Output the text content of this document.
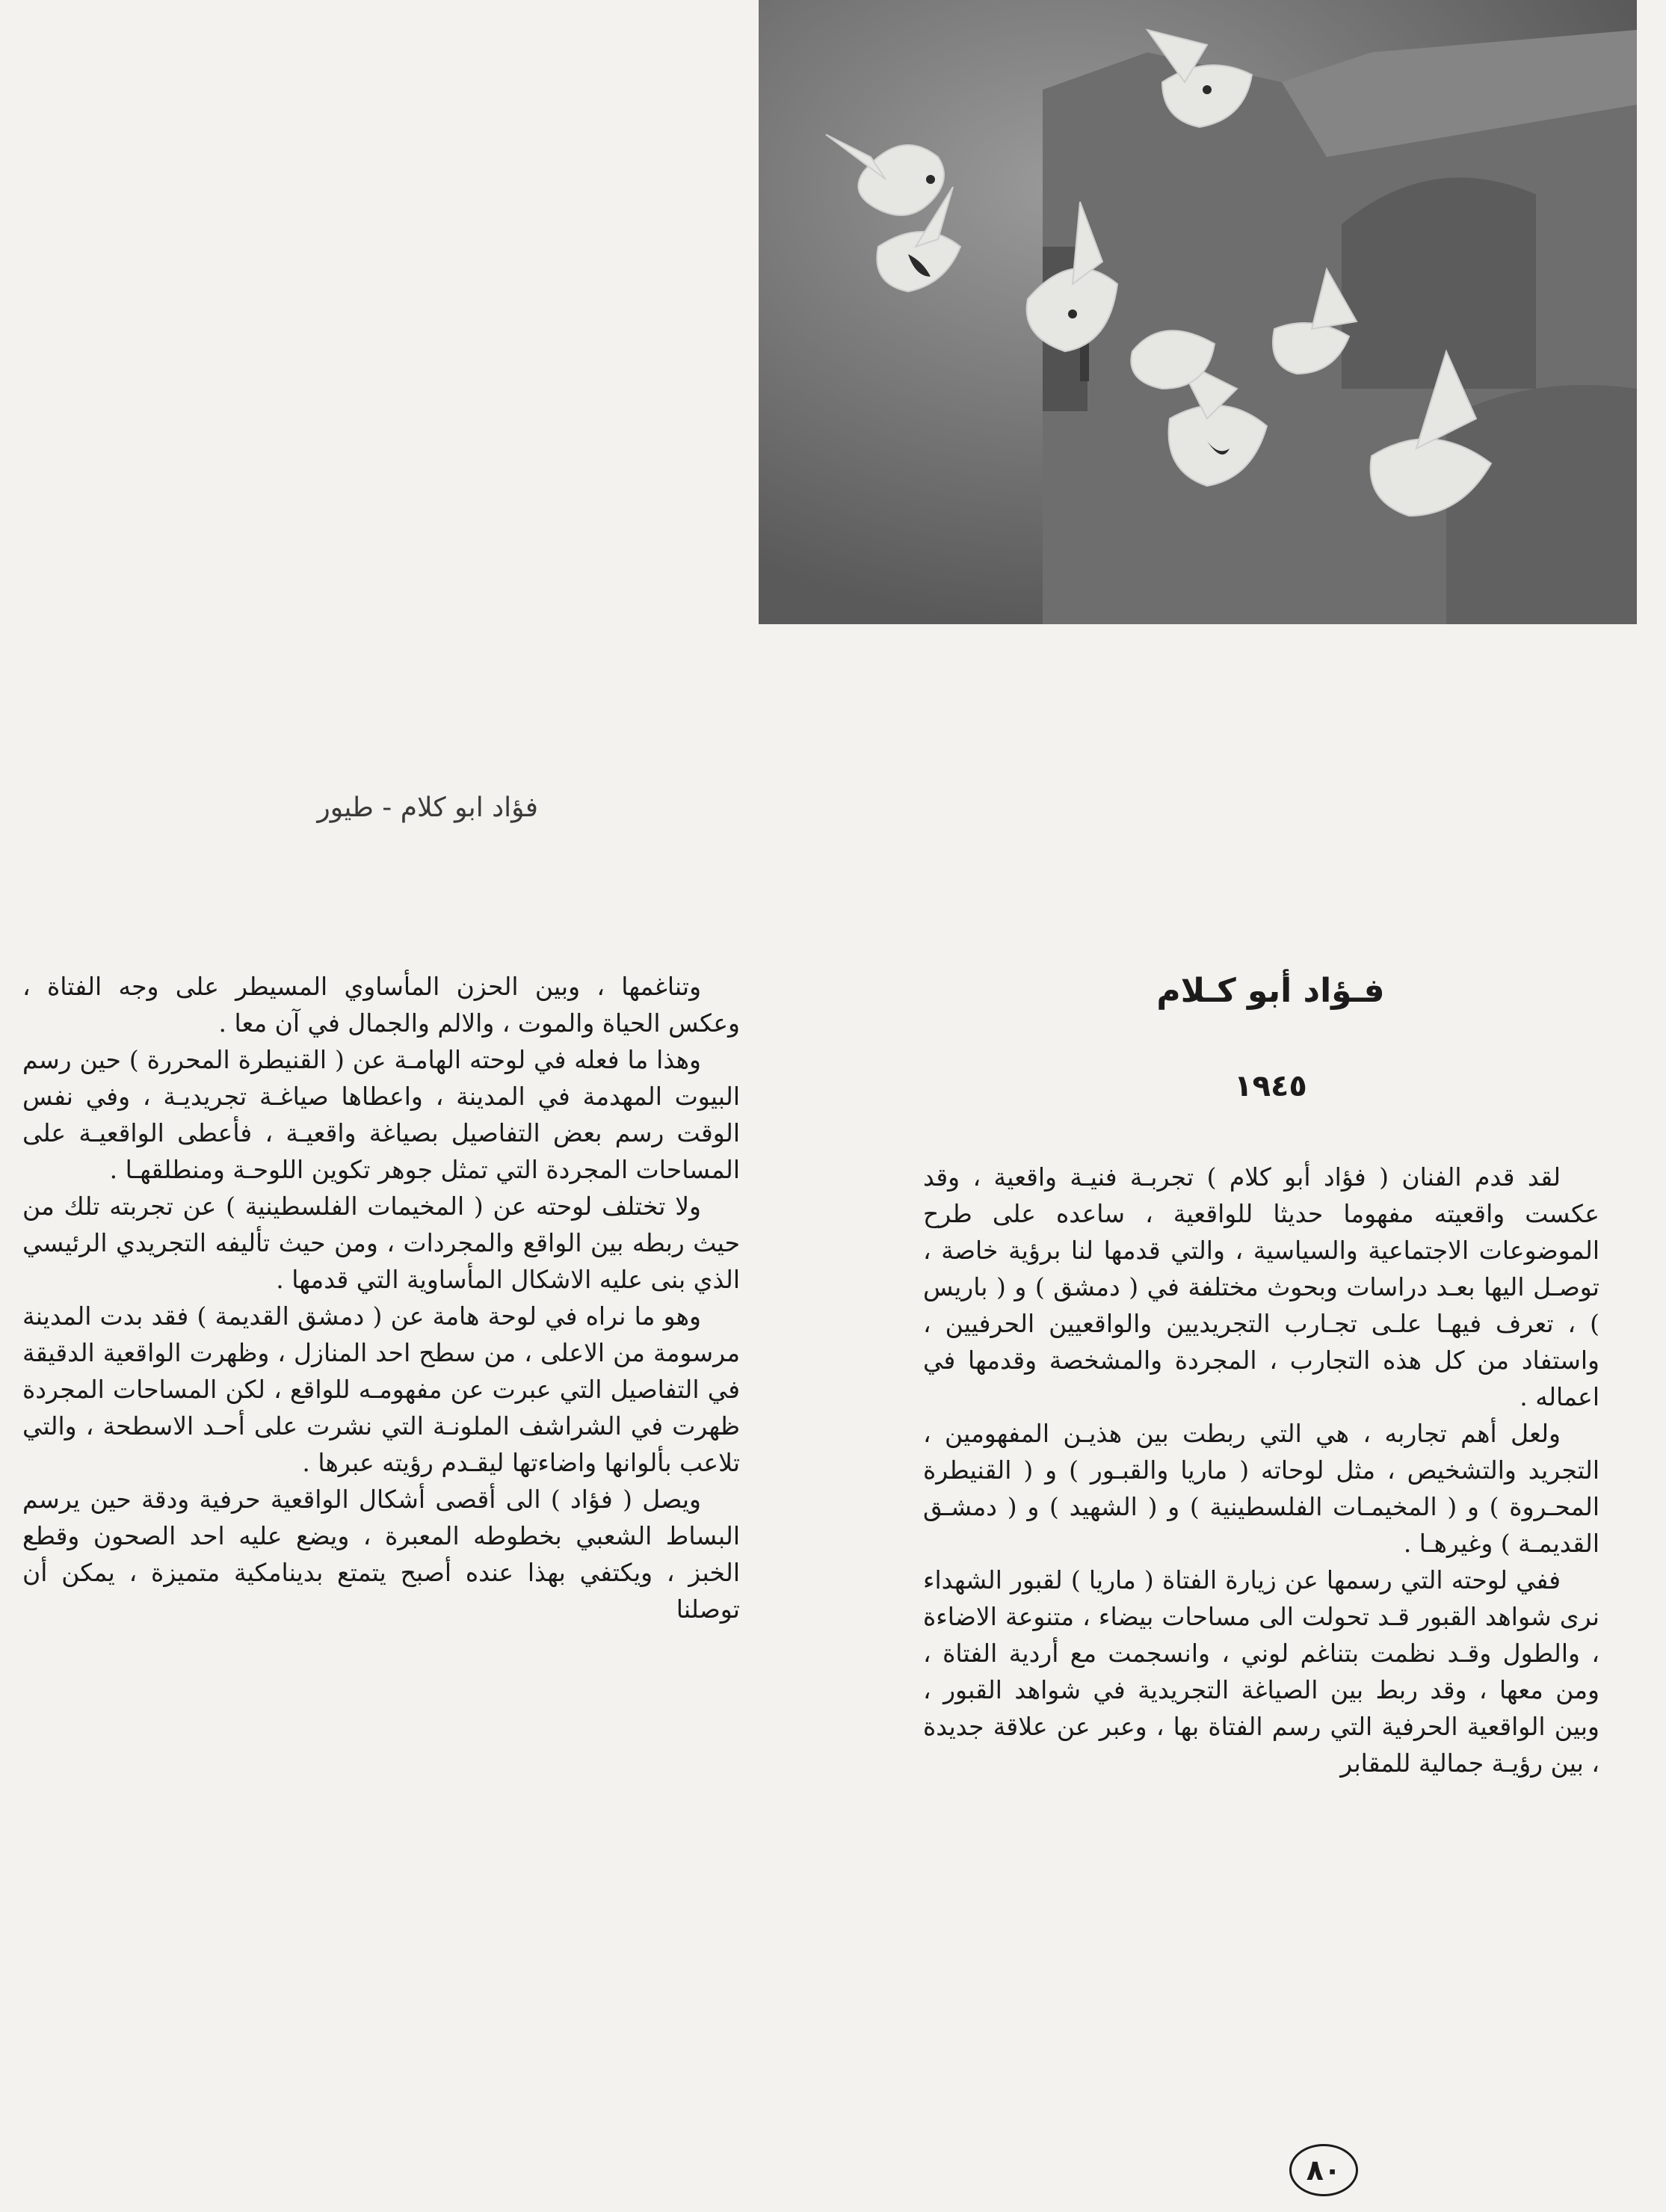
فؤاد ابو كلام - طيور
فـؤاد أبو كـلام
١٩٤٥

لقد قدم الفنان ( فؤاد أبو كلام ) تجربـة فنيـة واقعية ، وقد عكست واقعيته مفهوما حديثا للواقعية ، ساعده على طرح الموضوعات الاجتماعية والسياسية ، والتي قدمها لنا برؤية خاصة ، توصـل اليها بعـد دراسات وبحوث مختلفة في ( دمشق ) و ( باريس ) ، تعرف فيهـا علـى تجـارب التجريديين والواقعيين الحرفيين ، واستفاد من كل هذه التجارب ، المجردة والمشخصة وقدمها في اعماله .

ولعل أهم تجاربه ، هي التي ربطت بين هذيـن المفهومين ، التجريد والتشخيص ، مثل لوحاته ( ماريا والقبـور ) و ( القنيطرة المحـروة ) و ( المخيمـات الفلسطينية ) و ( الشهيد ) و ( دمشـق القديمـة ) وغيرهـا .

ففي لوحته التي رسمها عن زيارة الفتاة ( ماريا ) لقبور الشهداء نرى شواهد القبور قـد تحولت الى مساحات بيضاء ، متنوعة الاضاءة ، والطول وقـد نظمت بتناغم لوني ، وانسجمت مع أردية الفتاة ، ومن معها ، وقد ربط بين الصياغة التجريدية في شواهد القبور ، وبين الواقعية الحرفية التي رسم الفتاة بها ، وعبر عن علاقة جديدة ، بين رؤيـة جمالية للمقابر

وتناغمها ، وبين الحزن المأساوي المسيطر على وجه الفتاة ، وعكس الحياة والموت ، والالم والجمال في آن معا .

وهذا ما فعله في لوحته الهامـة عن ( القنيطرة المحررة ) حين رسم البيوت المهدمة في المدينة ، واعطاها صياغـة تجريديـة ، وفي نفس الوقت رسم بعض التفاصيل بصياغة واقعيـة ، فأعطى الواقعيـة على المساحات المجردة التي تمثل جوهر تكوين اللوحـة ومنطلقهـا .

ولا تختلف لوحته عن ( المخيمات الفلسطينية ) عن تجربته تلك من حيث ربطه بين الواقع والمجردات ، ومن حيث تأليفه التجريدي الرئيسي الذي بنى عليه الاشكال المأساوية التي قدمها .

وهو ما نراه في لوحة هامة عن ( دمشق القديمة ) فقد بدت المدينة مرسومة من الاعلى ، من سطح احد المنازل ، وظهرت الواقعية الدقيقة في التفاصيل التي عبرت عن مفهومـه للواقع ، لكن المساحات المجردة ظهرت في الشراشف الملونـة التي نشرت على أحـد الاسطحة ، والتي تلاعب بألوانها واضاءتها ليقـدم رؤيته عبرها .

ويصل ( فؤاد ) الى أقصى أشكال الواقعية حرفية ودقة حين يرسم البساط الشعبي بخطوطه المعبرة ، ويضع عليه احد الصحون وقطع الخبز ، ويكتفي بهذا عنده أصبح يتمتع بدينامكية متميزة ، يمكن أن توصلنا

٨٠
